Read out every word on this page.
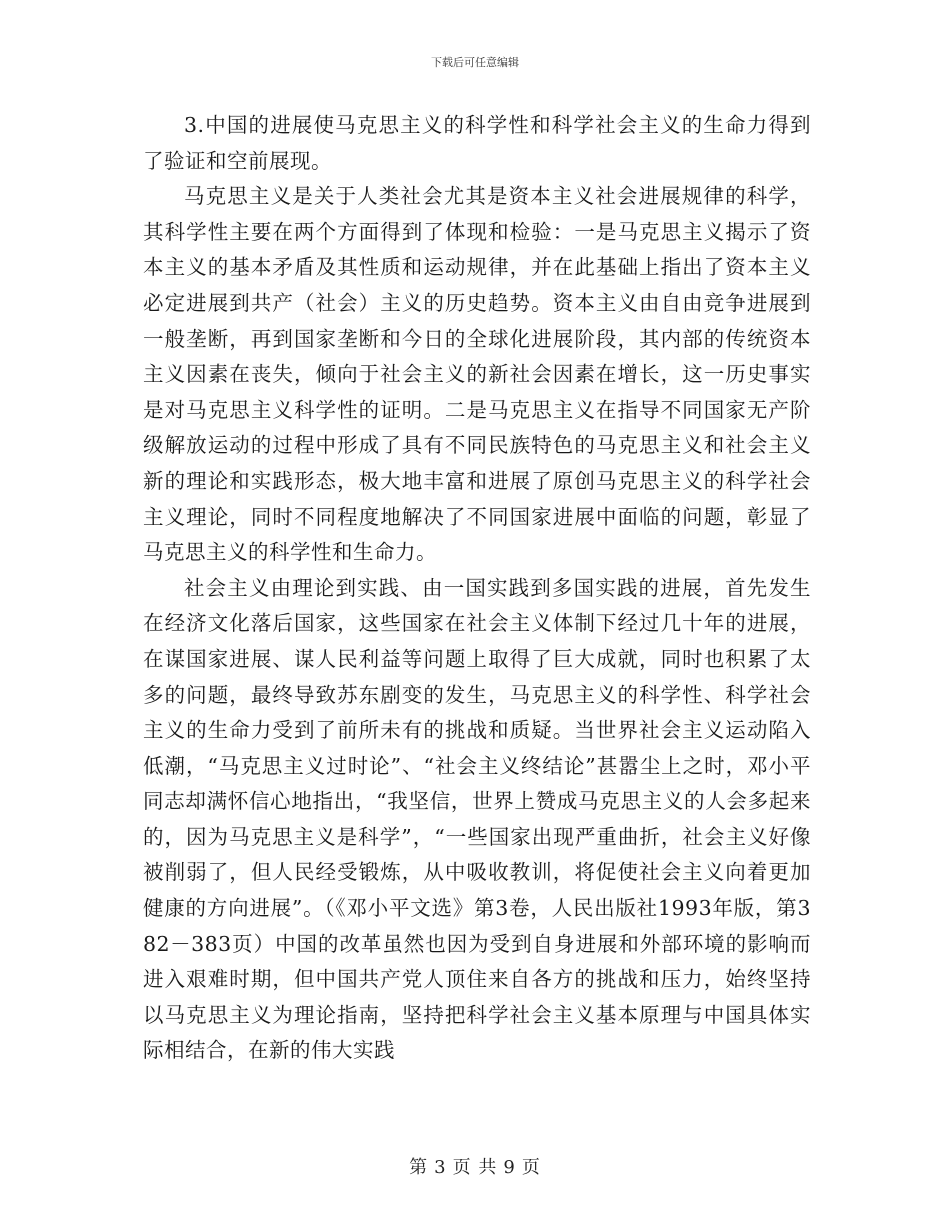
下载后可任意编辑

3.中国的进展使马克思主义的科学性和科学社会主义的生命力得到了验证和空前展现。

马克思主义是关于人类社会尤其是资本主义社会进展规律的科学，其科学性主要在两个方面得到了体现和检验：一是马克思主义揭示了资本主义的基本矛盾及其性质和运动规律，并在此基础上指出了资本主义必定进展到共产（社会）主义的历史趋势。资本主义由自由竞争进展到一般垄断，再到国家垄断和今日的全球化进展阶段，其内部的传统资本主义因素在丧失，倾向于社会主义的新社会因素在增长，这一历史事实是对马克思主义科学性的证明。二是马克思主义在指导不同国家无产阶级解放运动的过程中形成了具有不同民族特色的马克思主义和社会主义新的理论和实践形态，极大地丰富和进展了原创马克思主义的科学社会主义理论，同时不同程度地解决了不同国家进展中面临的问题，彰显了马克思主义的科学性和生命力。

社会主义由理论到实践、由一国实践到多国实践的进展，首先发生在经济文化落后国家，这些国家在社会主义体制下经过几十年的进展，在谋国家进展、谋人民利益等问题上取得了巨大成就，同时也积累了太多的问题，最终导致苏东剧变的发生，马克思主义的科学性、科学社会主义的生命力受到了前所未有的挑战和质疑。当世界社会主义运动陷入低潮，“马克思主义过时论”、“社会主义终结论”甚嚣尘上之时，邓小平同志却满怀信心地指出，“我坚信，世界上赞成马克思主义的人会多起来的，因为马克思主义是科学”，“一些国家出现严重曲折，社会主义好像被削弱了，但人民经受锻炼，从中吸收教训，将促使社会主义向着更加健康的方向进展”。（《邓小平文选》第3卷，人民出版社1993年版，第382－383页）中国的改革虽然也因为受到自身进展和外部环境的影响而进入艰难时期，但中国共产党人顶住来自各方的挑战和压力，始终坚持以马克思主义为理论指南，坚持把科学社会主义基本原理与中国具体实际相结合，在新的伟大实践

第 3 页 共 9 页
